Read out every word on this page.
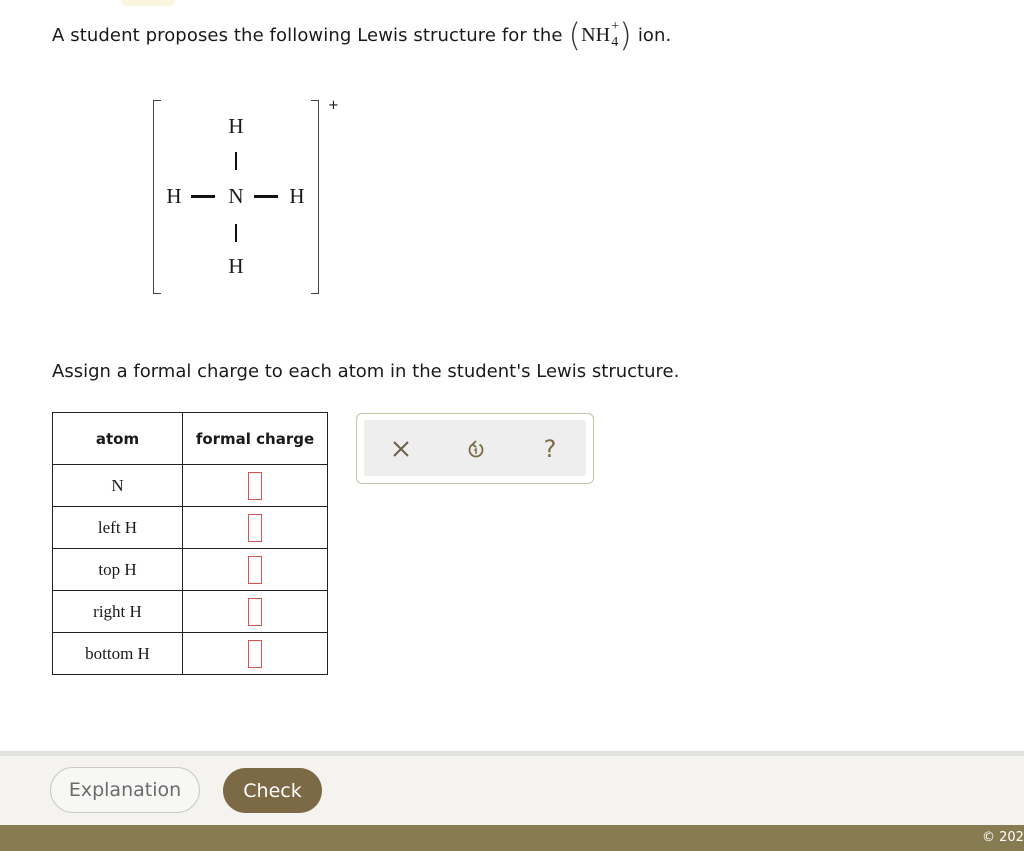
A student proposes the following Lewis structure for the ( NH +
4 ) ion.
+
H
H N H
H
Assign a formal charge to each atom in the student's Lewis structure.
atom	formal charge
N	
left H	
top H	
right H	
bottom H	
?
Explanation	Check
© 202
